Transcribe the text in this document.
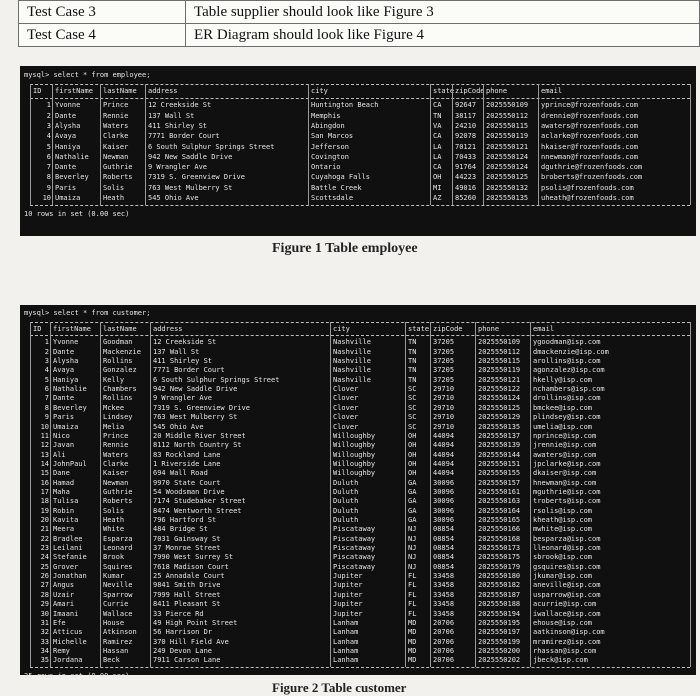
Test Case 3	Table supplier should look like Figure 3
Test Case 4	ER Diagram should look like Figure 4
mysql> select * from employee;
ID	firstName	lastName	address	city	state zipCode phone	email
1 Yvonne	Prince	12 Creekside St	Huntington Beach	CA	92647	2025550109	yprince@frozenfoods.com
2 Dante	Rennie	137 Wall St	Memphis	TN	38117	2025550112	drennie@frozenfoods.com
3 Alysha	Waters	411 Shirley St	Abingdon	VA	24210	2025550115	awaters@frozenfoods.com
4 Avaya	Clarke	7771 Border Court	San Marcos	CA	92078	2025550119	aclarke@frozenfoods.com
5 Haniya	Kaiser	6 South Sulphur Springs Street	Jefferson	LA	70121	2025550121	hkaiser@frozenfoods.com
6 Nathalie	Newman	942 New Saddle Drive	Covington	LA	70433	2025550124	nnewman@frozenfoods.com
7 Dante	Guthrie	9 Wrangler Ave	Ontario	CA	91764	2025550124	dguthrie@frozenfoods.com
8 Beverley	Roberts	7319 S. Greenview Drive	Cuyahoga Falls	OH	44223	2025550125	broberts@frozenfoods.com
9 Paris	Solis	763 West Mulberry St	Battle Creek	MI	49016	2025550132	psolis@frozenfoods.com
10 Umaiza	Heath	545 Ohio Ave	Scottsdale	AZ	85260	2025550135	uheath@frozenfoods.com
10 rows in set (0.00 sec)
Figure 1 Table employee
mysql> select * from customer;
ID	firstName	lastName	address	city	state zipCode	phone	email
1 Yvonne	Goodman	12 Creekside St	Nashville	TN	37205	2025550109	ygoodman@isp.com
2 Dante	Mackenzie	137 Wall St	Nashville	TN	37205	2025550112	dmackenzie@isp.com
3 Alysha	Rollins	411 Shirley St	Nashville	TN	37205	2025550115	arollins@isp.com
4 Avaya	Gonzalez	7771 Border Court	Nashville	TN	37205	2025550119	agonzalez@isp.com
5 Haniya	Kelly	6 South Sulphur Springs Street	Nashville	TN	37205	2025550121	hkelly@isp.com
6 Nathalie	Chambers	942 New Saddle Drive	Clover	SC	29710	2025550122	nchambers@isp.com
7 Dante	Rollins	9 Wrangler Ave	Clover	SC	29710	2025550124	drollins@isp.com
8 Beverley	Mckee	7319 S. Greenview Drive	Clover	SC	29710	2025550125	bmckee@isp.com
9 Paris	Lindsey	763 West Mulberry St	Clover	SC	29710	2025550129	plindsey@isp.com
10 Umaiza	Melia	545 Ohio Ave	Clover	SC	29710	2025550135	umelia@isp.com
11 Nico	Prince	20 Middle River Street	Willoughby	OH	44094	2025550137	nprince@isp.com
12 Javan	Rennie	8112 North Country St	Willoughby	OH	44094	2025550139	jrennie@isp.com
13 Ali	Waters	83 Rockland Lane	Willoughby	OH	44094	2025550144	awaters@isp.com
14 JohnPaul	Clarke	1 Riverside Lane	Willoughby	OH	44094	2025550151	jpclarke@isp.com
15 Dane	Kaiser	694 Wall Road	Willoughby	OH	44094	2025550155	dkaiser@isp.com
16 Hamad	Newman	9970 State Court	Duluth	GA	30096	2025550157	hnewman@isp.com
17 Maha	Guthrie	54 Woodsman Drive	Duluth	GA	30096	2025550161	mguthrie@isp.com
18 Tulisa	Roberts	7174 Studebaker Street	Duluth	GA	30096	2025550163	troberts@isp.com
19 Robin	Solis	8474 Wentworth Street	Duluth	GA	30096	2025550164	rsolis@isp.com
20 Kavita	Heath	796 Hartford St	Duluth	GA	30096	2025550165	kheath@isp.com
21 Meera	White	484 Bridge St	Piscataway	NJ	08854	2025550166	mwhite@isp.com
22 Bradlee	Esparza	7031 Gainsway St	Piscataway	NJ	08854	2025550168	besparza@isp.com
23 Leilani	Leonard	37 Monroe Street	Piscataway	NJ	08854	2025550173	lleonard@isp.com
24 Stefanie	Brook	7990 West Surrey St	Piscataway	NJ	08854	2025550175	sbrook@isp.com
25 Grover	Squires	7618 Madison Court	Piscataway	NJ	08854	2025550179	gsquires@isp.com
26 Jonathan	Kumar	25 Annadale Court	Jupiter	FL	33458	2025550180	jkumar@isp.com
27 Angus	Neville	9841 Smith Drive	Jupiter	FL	33458	2025550182	aneville@isp.com
28 Uzair	Sparrow	7999 Hall Street	Jupiter	FL	33458	2025550187	usparrow@isp.com
29 Amari	Currie	8411 Pleasant St	Jupiter	FL	33458	2025550188	acurrie@isp.com
30 Imaani	Wallace	33 Pierce Rd	Jupiter	FL	33458	2025550194	iwallace@isp.com
31 Efe	House	49 High Point Street	Lanham	MD	20706	2025550195	ehouse@isp.com
32 Atticus	Atkinson	56 Harrison Dr	Lanham	MD	20706	2025550197	aatkinson@isp.com
33 Michelle	Ramirez	370 Hill Field Ave	Lanham	MD	20706	2025550199	mramirez@isp.com
34 Remy	Hassan	249 Devon Lane	Lanham	MD	20706	2025550200	rhassan@isp.com
35 Jordana	Beck	7911 Carson Lane	Lanham	MD	20706	2025550202	jbeck@isp.com
35 rows in set (0.00 sec)
Figure 2 Table customer
